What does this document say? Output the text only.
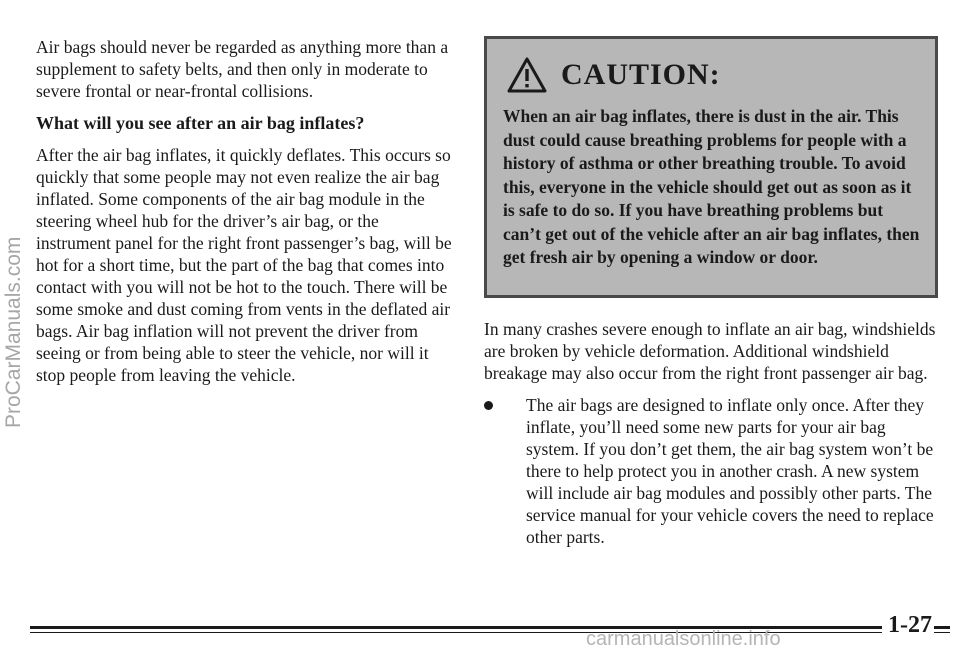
Air bags should never be regarded as anything more than a supplement to safety belts, and then only in moderate to severe frontal or near-frontal collisions.

What will you see after an air bag inflates?

After the air bag inflates, it quickly deflates. This occurs so quickly that some people may not even realize the air bag inflated. Some components of the air bag module in the steering wheel hub for the driver’s air bag, or the instrument panel for the right front passenger’s bag, will be hot for a short time, but the part of the bag that comes into contact with you will not be hot to the touch. There will be some smoke and dust coming from vents in the deflated air bags. Air bag inflation will not prevent the driver from seeing or from being able to steer the vehicle, nor will it stop people from leaving the vehicle.

CAUTION:

When an air bag inflates, there is dust in the air. This dust could cause breathing problems for people with a history of asthma or other breathing trouble. To avoid this, everyone in the vehicle should get out as soon as it is safe to do so. If you have breathing problems but can’t get out of the vehicle after an air bag inflates, then get fresh air by opening a window or door.

In many crashes severe enough to inflate an air bag, windshields are broken by vehicle deformation. Additional windshield breakage may also occur from the right front passenger air bag.

The air bags are designed to inflate only once. After they inflate, you’ll need some new parts for your air bag system. If you don’t get them, the air bag system won’t be there to help protect you in another crash. A new system will include air bag modules and possibly other parts. The service manual for your vehicle covers the need to replace other parts.
1-27
ProCarManuals.com
carmanualsonline.info
